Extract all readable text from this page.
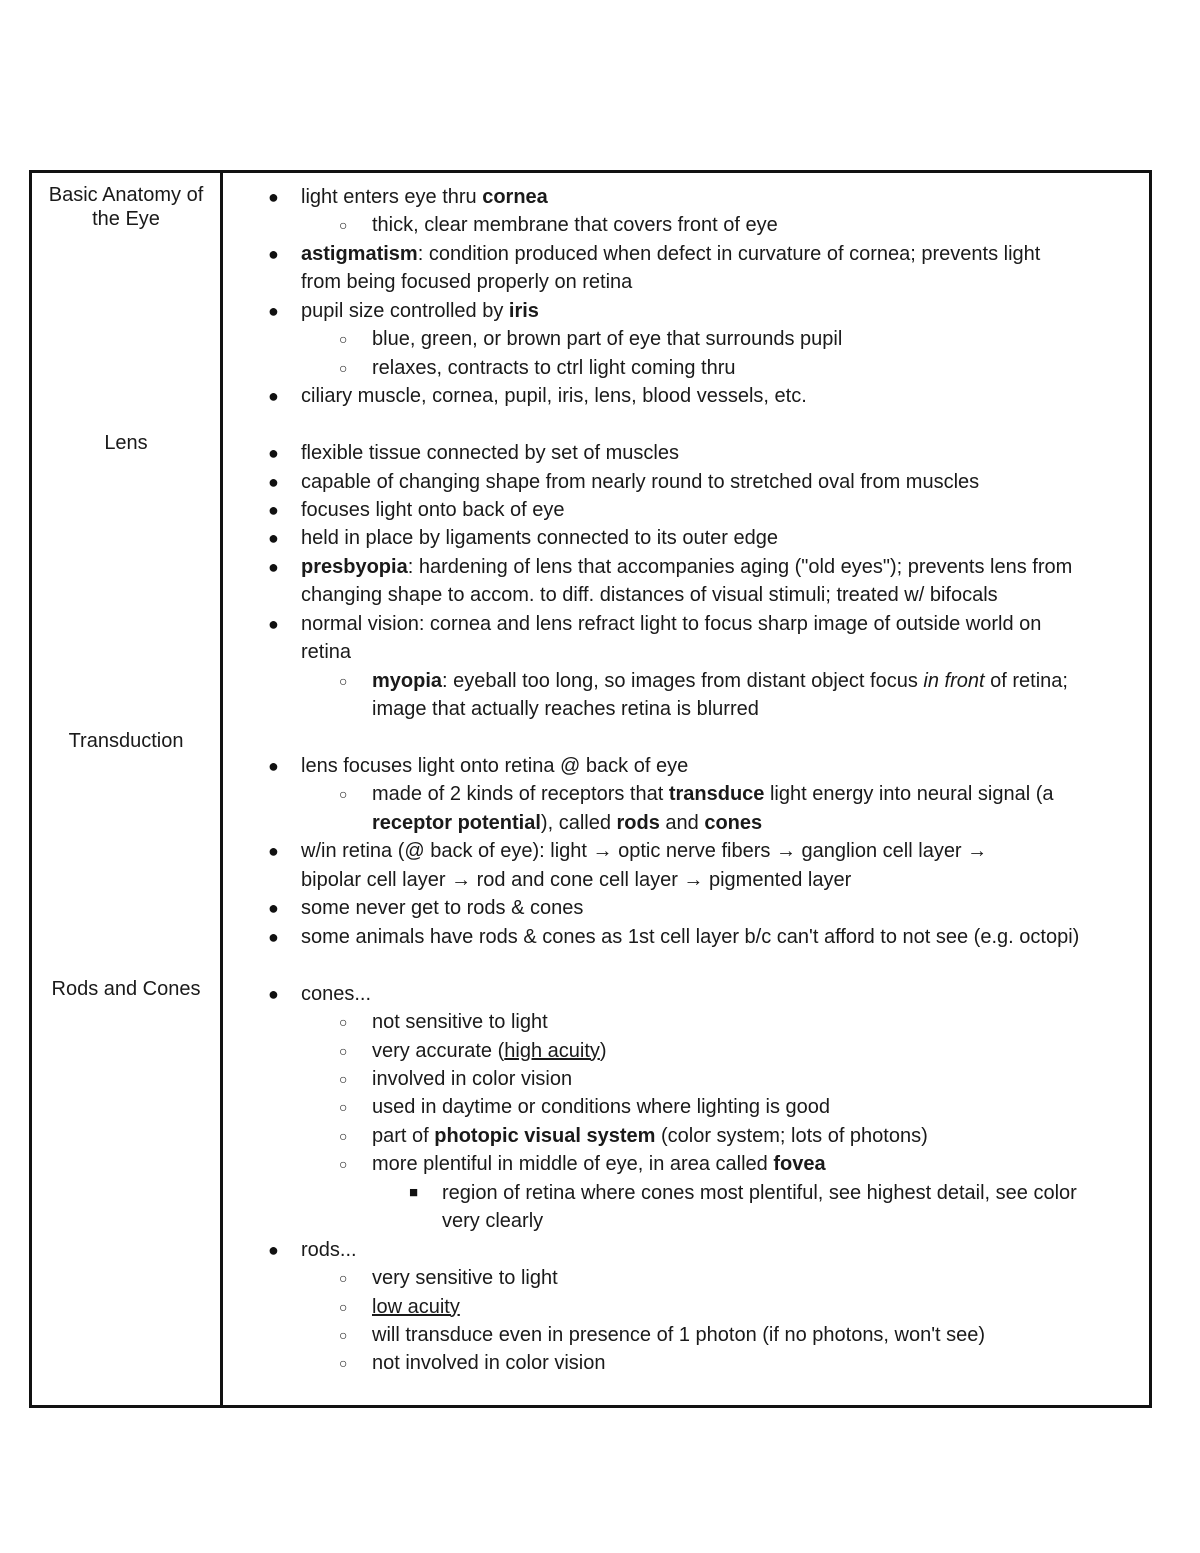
Basic Anatomy of the Eye
Lens
Transduction
Rods and Cones
● light enters eye thru cornea
○ thick, clear membrane that covers front of eye
● astigmatism: condition produced when defect in curvature of cornea; prevents light
from being focused properly on retina
● pupil size controlled by iris
○ blue, green, or brown part of eye that surrounds pupil
○ relaxes, contracts to ctrl light coming thru
● ciliary muscle, cornea, pupil, iris, lens, blood vessels, etc.
● flexible tissue connected by set of muscles
● capable of changing shape from nearly round to stretched oval from muscles
● focuses light onto back of eye
● held in place by ligaments connected to its outer edge
● presbyopia: hardening of lens that accompanies aging ("old eyes"); prevents lens from
changing shape to accom. to diff. distances of visual stimuli; treated w/ bifocals
● normal vision: cornea and lens refract light to focus sharp image of outside world on
retina
○ myopia: eyeball too long, so images from distant object focus in front of retina;
image that actually reaches retina is blurred
● lens focuses light onto retina @ back of eye
○ made of 2 kinds of receptors that transduce light energy into neural signal (a
receptor potential), called rods and cones
● w/in retina (@ back of eye): light → optic nerve fibers → ganglion cell layer →
bipolar cell layer → rod and cone cell layer → pigmented layer
● some never get to rods & cones
● some animals have rods & cones as 1st cell layer b/c can't afford to not see (e.g. octopi)
● cones...
○ not sensitive to light
○ very accurate (high acuity)
○ involved in color vision
○ used in daytime or conditions where lighting is good
○ part of photopic visual system (color system; lots of photons)
○ more plentiful in middle of eye, in area called fovea
■ region of retina where cones most plentiful, see highest detail, see color
very clearly
● rods...
○ very sensitive to light
○ low acuity
○ will transduce even in presence of 1 photon (if no photons, won't see)
○ not involved in color vision
